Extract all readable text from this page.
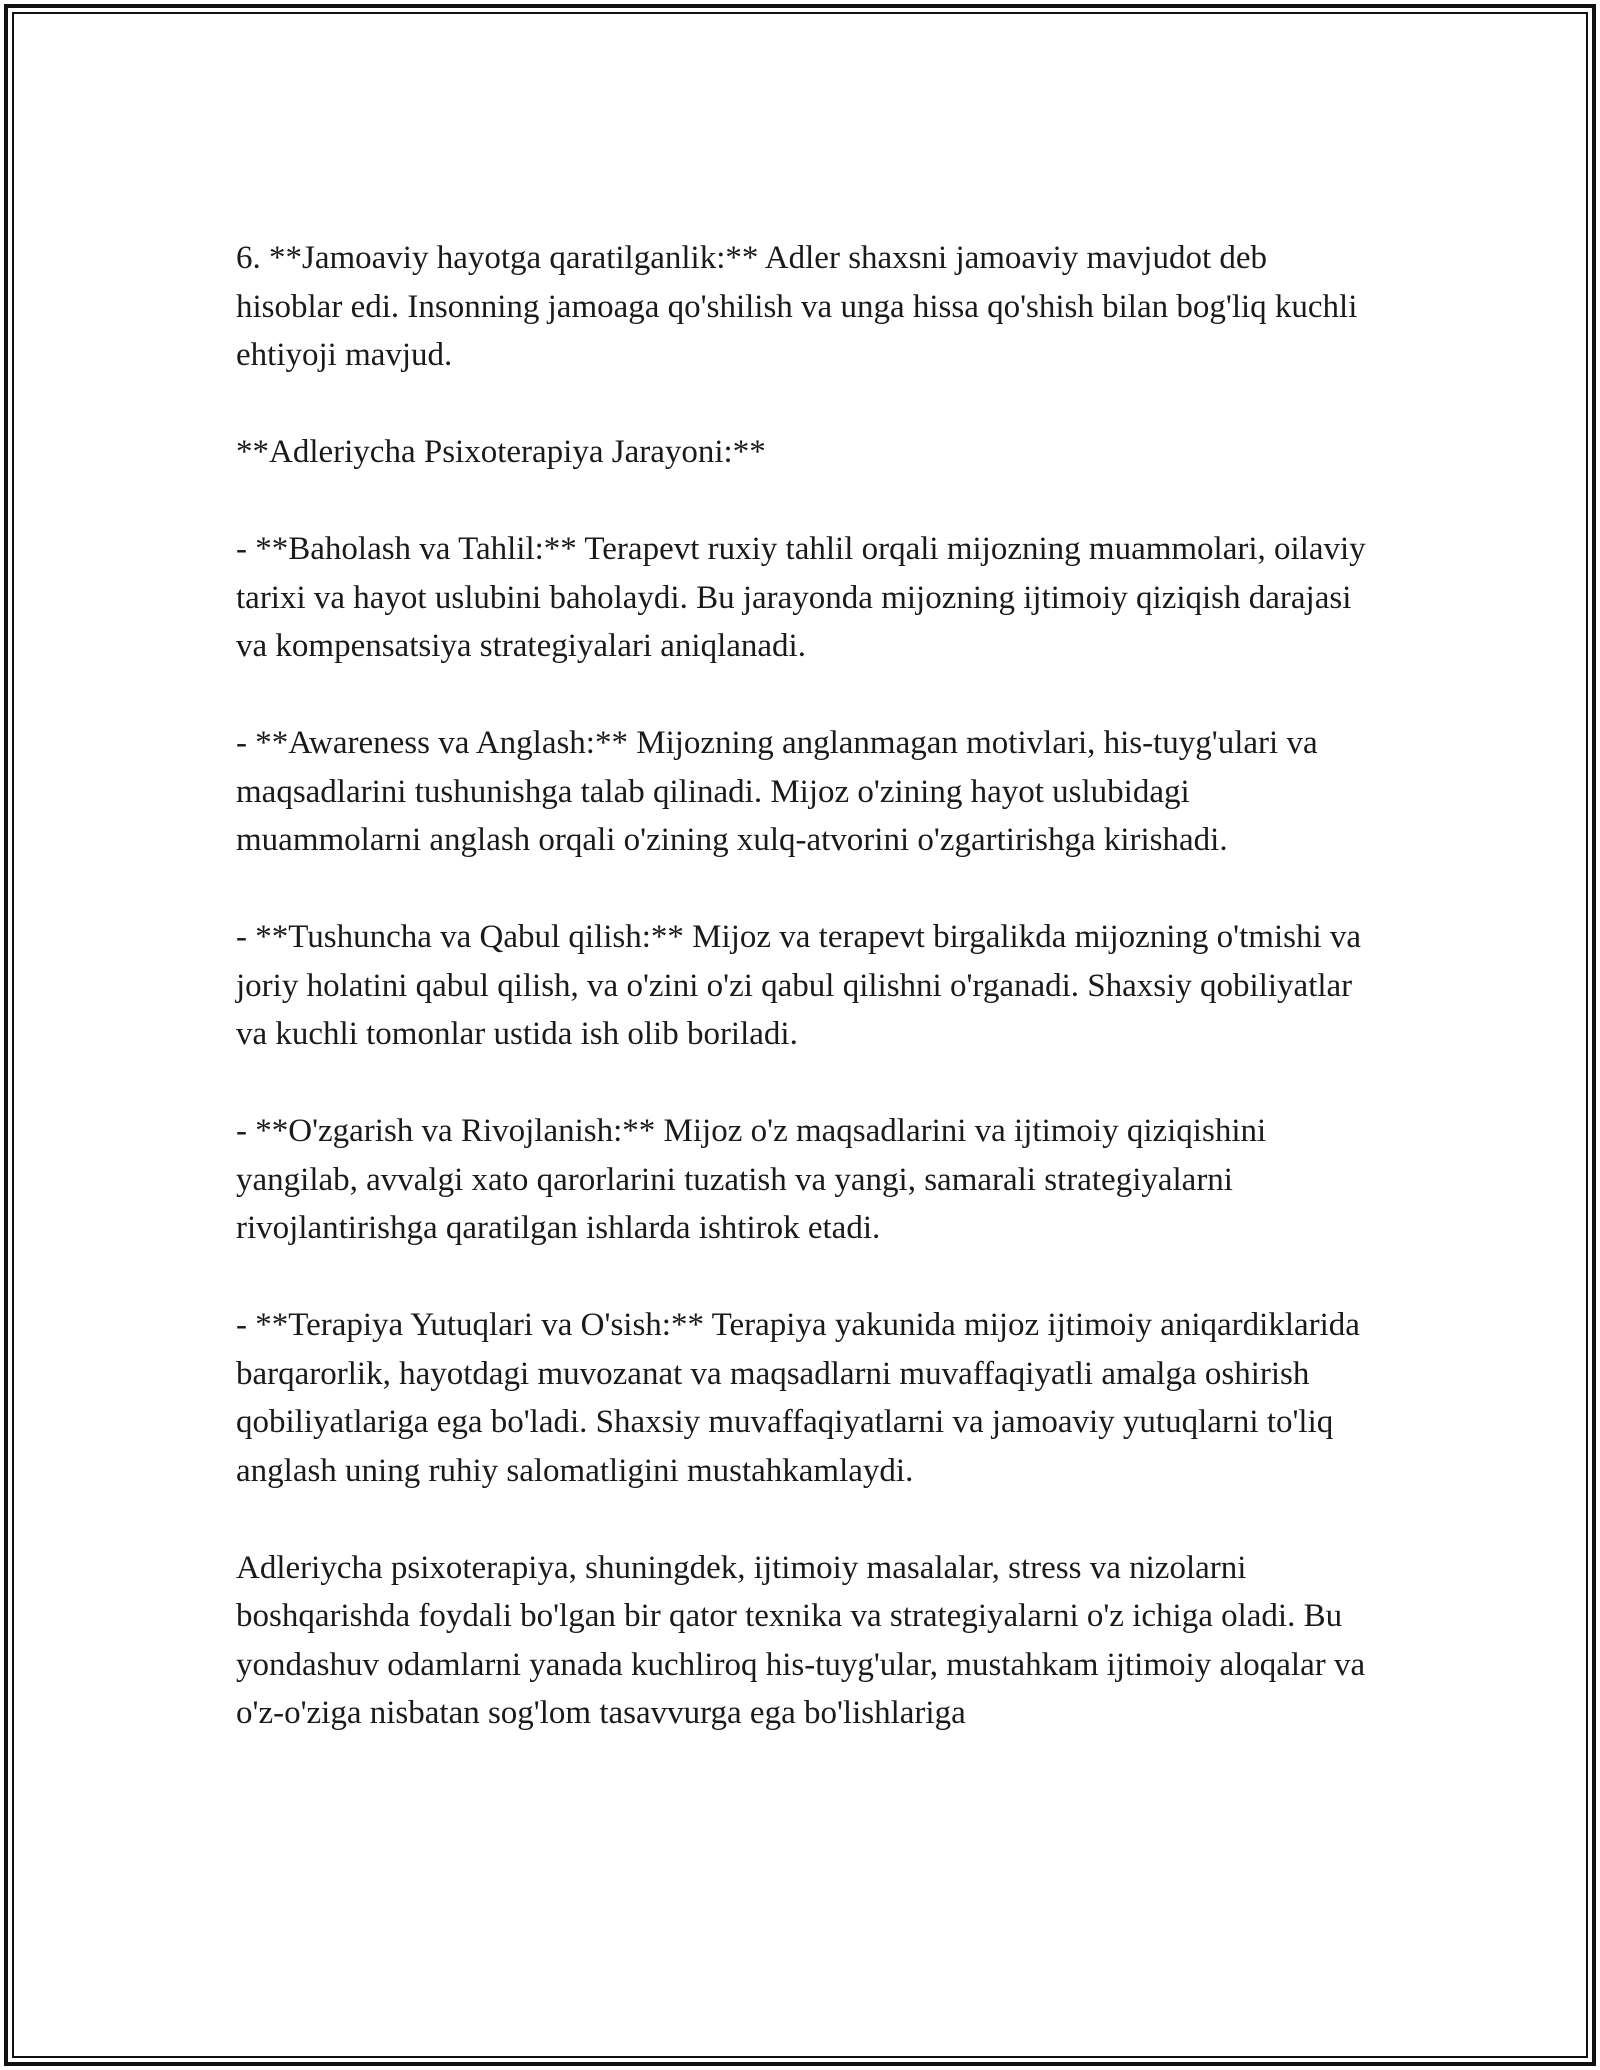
6. **Jamoaviy hayotga qaratilganlik:** Adler shaxsni jamoaviy mavjudot deb hisoblar edi. Insonning jamoaga qo'shilish va unga hissa qo'shish bilan bog'liq kuchli ehtiyoji mavjud.

**Adleriycha Psixoterapiya Jarayoni:**

- **Baholash va Tahlil:** Terapevt ruxiy tahlil orqali mijozning muammolari, oilaviy tarixi va hayot uslubini baholaydi. Bu jarayonda mijozning ijtimoiy qiziqish darajasi va kompensatsiya strategiyalari aniqlanadi.

- **Awareness va Anglash:** Mijozning anglanmagan motivlari, his-tuyg'ulari va maqsadlarini tushunishga talab qilinadi. Mijoz o'zining hayot uslubidagi muammolarni anglash orqali o'zining xulq-atvorini o'zgartirishga kirishadi.

- **Tushuncha va Qabul qilish:** Mijoz va terapevt birgalikda mijozning o'tmishi va joriy holatini qabul qilish, va o'zini o'zi qabul qilishni o'rganadi. Shaxsiy qobiliyatlar va kuchli tomonlar ustida ish olib boriladi.

- **O'zgarish va Rivojlanish:** Mijoz o'z maqsadlarini va ijtimoiy qiziqishini yangilab, avvalgi xato qarorlarini tuzatish va yangi, samarali strategiyalarni rivojlantirishga qaratilgan ishlarda ishtirok etadi.

- **Terapiya Yutuqlari va O'sish:** Terapiya yakunida mijoz ijtimoiy aniqardiklarida barqarorlik, hayotdagi muvozanat va maqsadlarni muvaffaqiyatli amalga oshirish qobiliyatlariga ega bo'ladi. Shaxsiy muvaffaqiyatlarni va jamoaviy yutuqlarni to'liq anglash uning ruhiy salomatligini mustahkamlaydi.

Adleriycha psixoterapiya, shuningdek, ijtimoiy masalalar, stress va nizolarni boshqarishda foydali bo'lgan bir qator texnika va strategiyalarni o'z ichiga oladi. Bu yondashuv odamlarni yanada kuchliroq his-tuyg'ular, mustahkam ijtimoiy aloqalar va o'z-o'ziga nisbatan sog'lom tasavvurga ega bo'lishlariga
